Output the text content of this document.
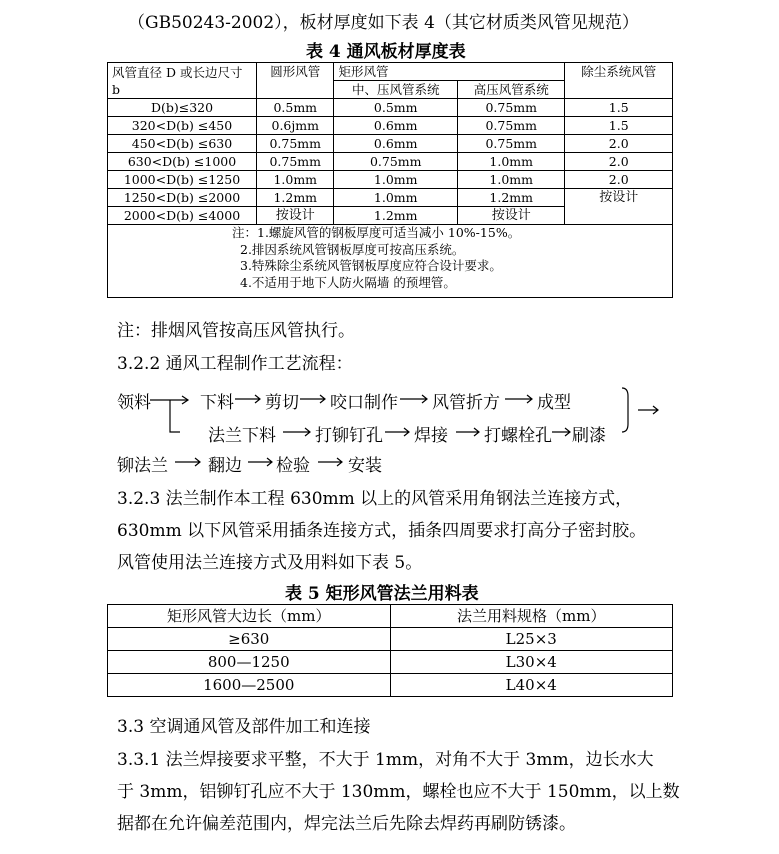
（GB50243-2002），板材厚度如下表 4（其它材质类风管见规范）
表 4 通风板材厚度表
风管直径 D 或长边尺寸 b	圆形风管	矩形风管		除尘系统风管
		中、压风管系统	高压风管系统	
D(b)≤320	0.5mm	0.5mm	0.75mm	1.5
320<D(b) ≤450	0.6jmm	0.6mm	0.75mm	1.5
450<D(b) ≤630	0.75mm	0.6mm	0.75mm	2.0
630<D(b) ≤1000	0.75mm	0.75mm	1.0mm	2.0
1000<D(b) ≤1250	1.0mm	1.0mm	1.0mm	2.0
1250<D(b) ≤2000	1.2mm	1.0mm	1.2mm	按设计
2000<D(b) ≤4000	按设计	1.2mm	按设计	

注：1.螺旋风管的钢板厚度可适当减小 10%-15%。
2.排因系统风管钢板厚度可按高压系统。
3.特殊除尘系统风管钢板厚度应符合设计要求。
4.不适用于地下人防火隔墙 的预埋管。				
注：排烟风管按高压风管执行。
3.2.2 通风工程制作工艺流程：
领料	下料 剪切 咬口制作 风管折方 成型
法兰下料 打铆钉孔 焊接 打螺栓孔 刷漆
铆法兰 翻边 检验 安装
3.2.3 法兰制作本工程 630mm 以上的风管采用角钢法兰连接方式，
630mm 以下风管采用插条连接方式，插条四周要求打高分子密封胶。
风管使用法兰连接方式及用料如下表 5。
表 5 矩形风管法兰用料表
矩形风管大边长（mm）	法兰用料规格（mm）
≥630	L25×3
800—1250	L30×4
1600—2500	L40×4
3.3 空调通风管及部件加工和连接
3.3.1 法兰焊接要求平整，不大于 1mm，对角不大于 3mm，边长水大
于 3mm，铝铆钉孔应不大于 130mm，螺栓也应不大于 150mm，以上数
据都在允许偏差范围内，焊完法兰后先除去焊药再刷防锈漆。
